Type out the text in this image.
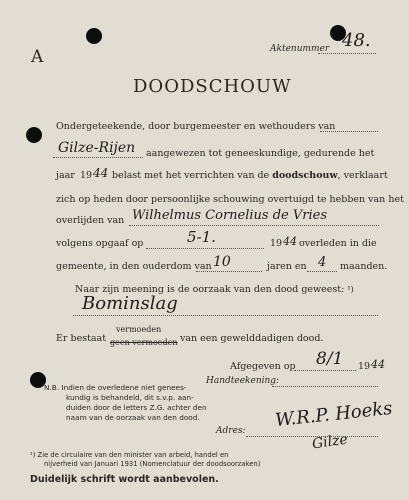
A	Aktenummer 48.
DOODSCHOUW
Ondergeteekende, door burgemeester en wethouders van
Gilze-Rijen aangewezen tot geneeskundige, gedurende het
jaar 19 44 belast met het verrichten van de doodschouw, verklaart
zich op heden door persoonlijke schouwing overtuigd te hebben van het
overlijden van Wilhelmus Cornelius de Vries
volgens opgaaf op	5-1.	19 44 overleden in die
gemeente, in den ouderdom van 10	jaren en 4 maanden.
Naar zijn meening is de oorzaak van den dood geweest: ¹)
Bominslag
Er bestaat
vermoeden
geen vermoeden van een gewelddadigen dood.
Afgegeven op 8/1 19 44
Handteekening:
N.B. Indien de overledene niet genees-
kundig is behandeld, dit s.v.p. aan-
duiden door de letters Z.G. achter den
naam van de oorzaak van den dood.	W.R.P. Hoeks
Adres:
Gilze
¹) Zie de circulaire van den minister van arbeid, handel en
nijverheid van Januari 1931 (Nomenclatuur der doodsoorzaken)
Duidelijk schrift wordt aanbevolen.
